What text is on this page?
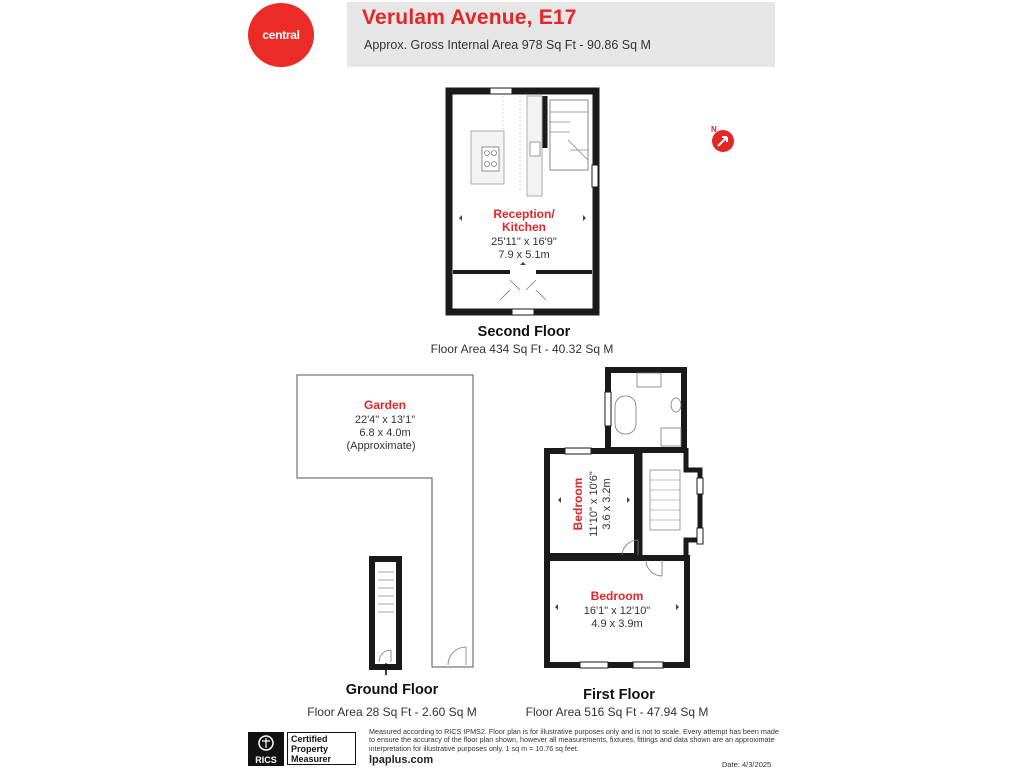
central
Verulam Avenue, E17
Approx. Gross Internal Area 978 Sq Ft - 90.86 Sq M
N
Reception/
Kitchen
25'11" x 16'9"
7.9 x 5.1m
Garden
22'4" x 13'1"
6.8 x 4.0m
(Approximate)
Bedroom 11'10" x 10'6" 3.6 x 3.2m
Bedroom
16'1" x 12'10"
4.9 x 3.9m
Second Floor
Floor Area 434 Sq Ft - 40.32 Sq M
Ground Floor
Floor Area 28 Sq Ft - 2.60 Sq M
First Floor
Floor Area 516 Sq Ft - 47.94 Sq M
RICS
Certified
Property
Measurer
Measured according to RICS IPMS2. Floor plan is for illustrative purposes only and is not to scale. Every attempt has been made to ensure the accuracy of the floor plan shown, however all measurements, fixtures, fittings and data shown are an approximate interpretation for illustrative purposes only. 1 sq m = 10.76 sq feet.
lpaplus.com	Date: 4/3/2025
